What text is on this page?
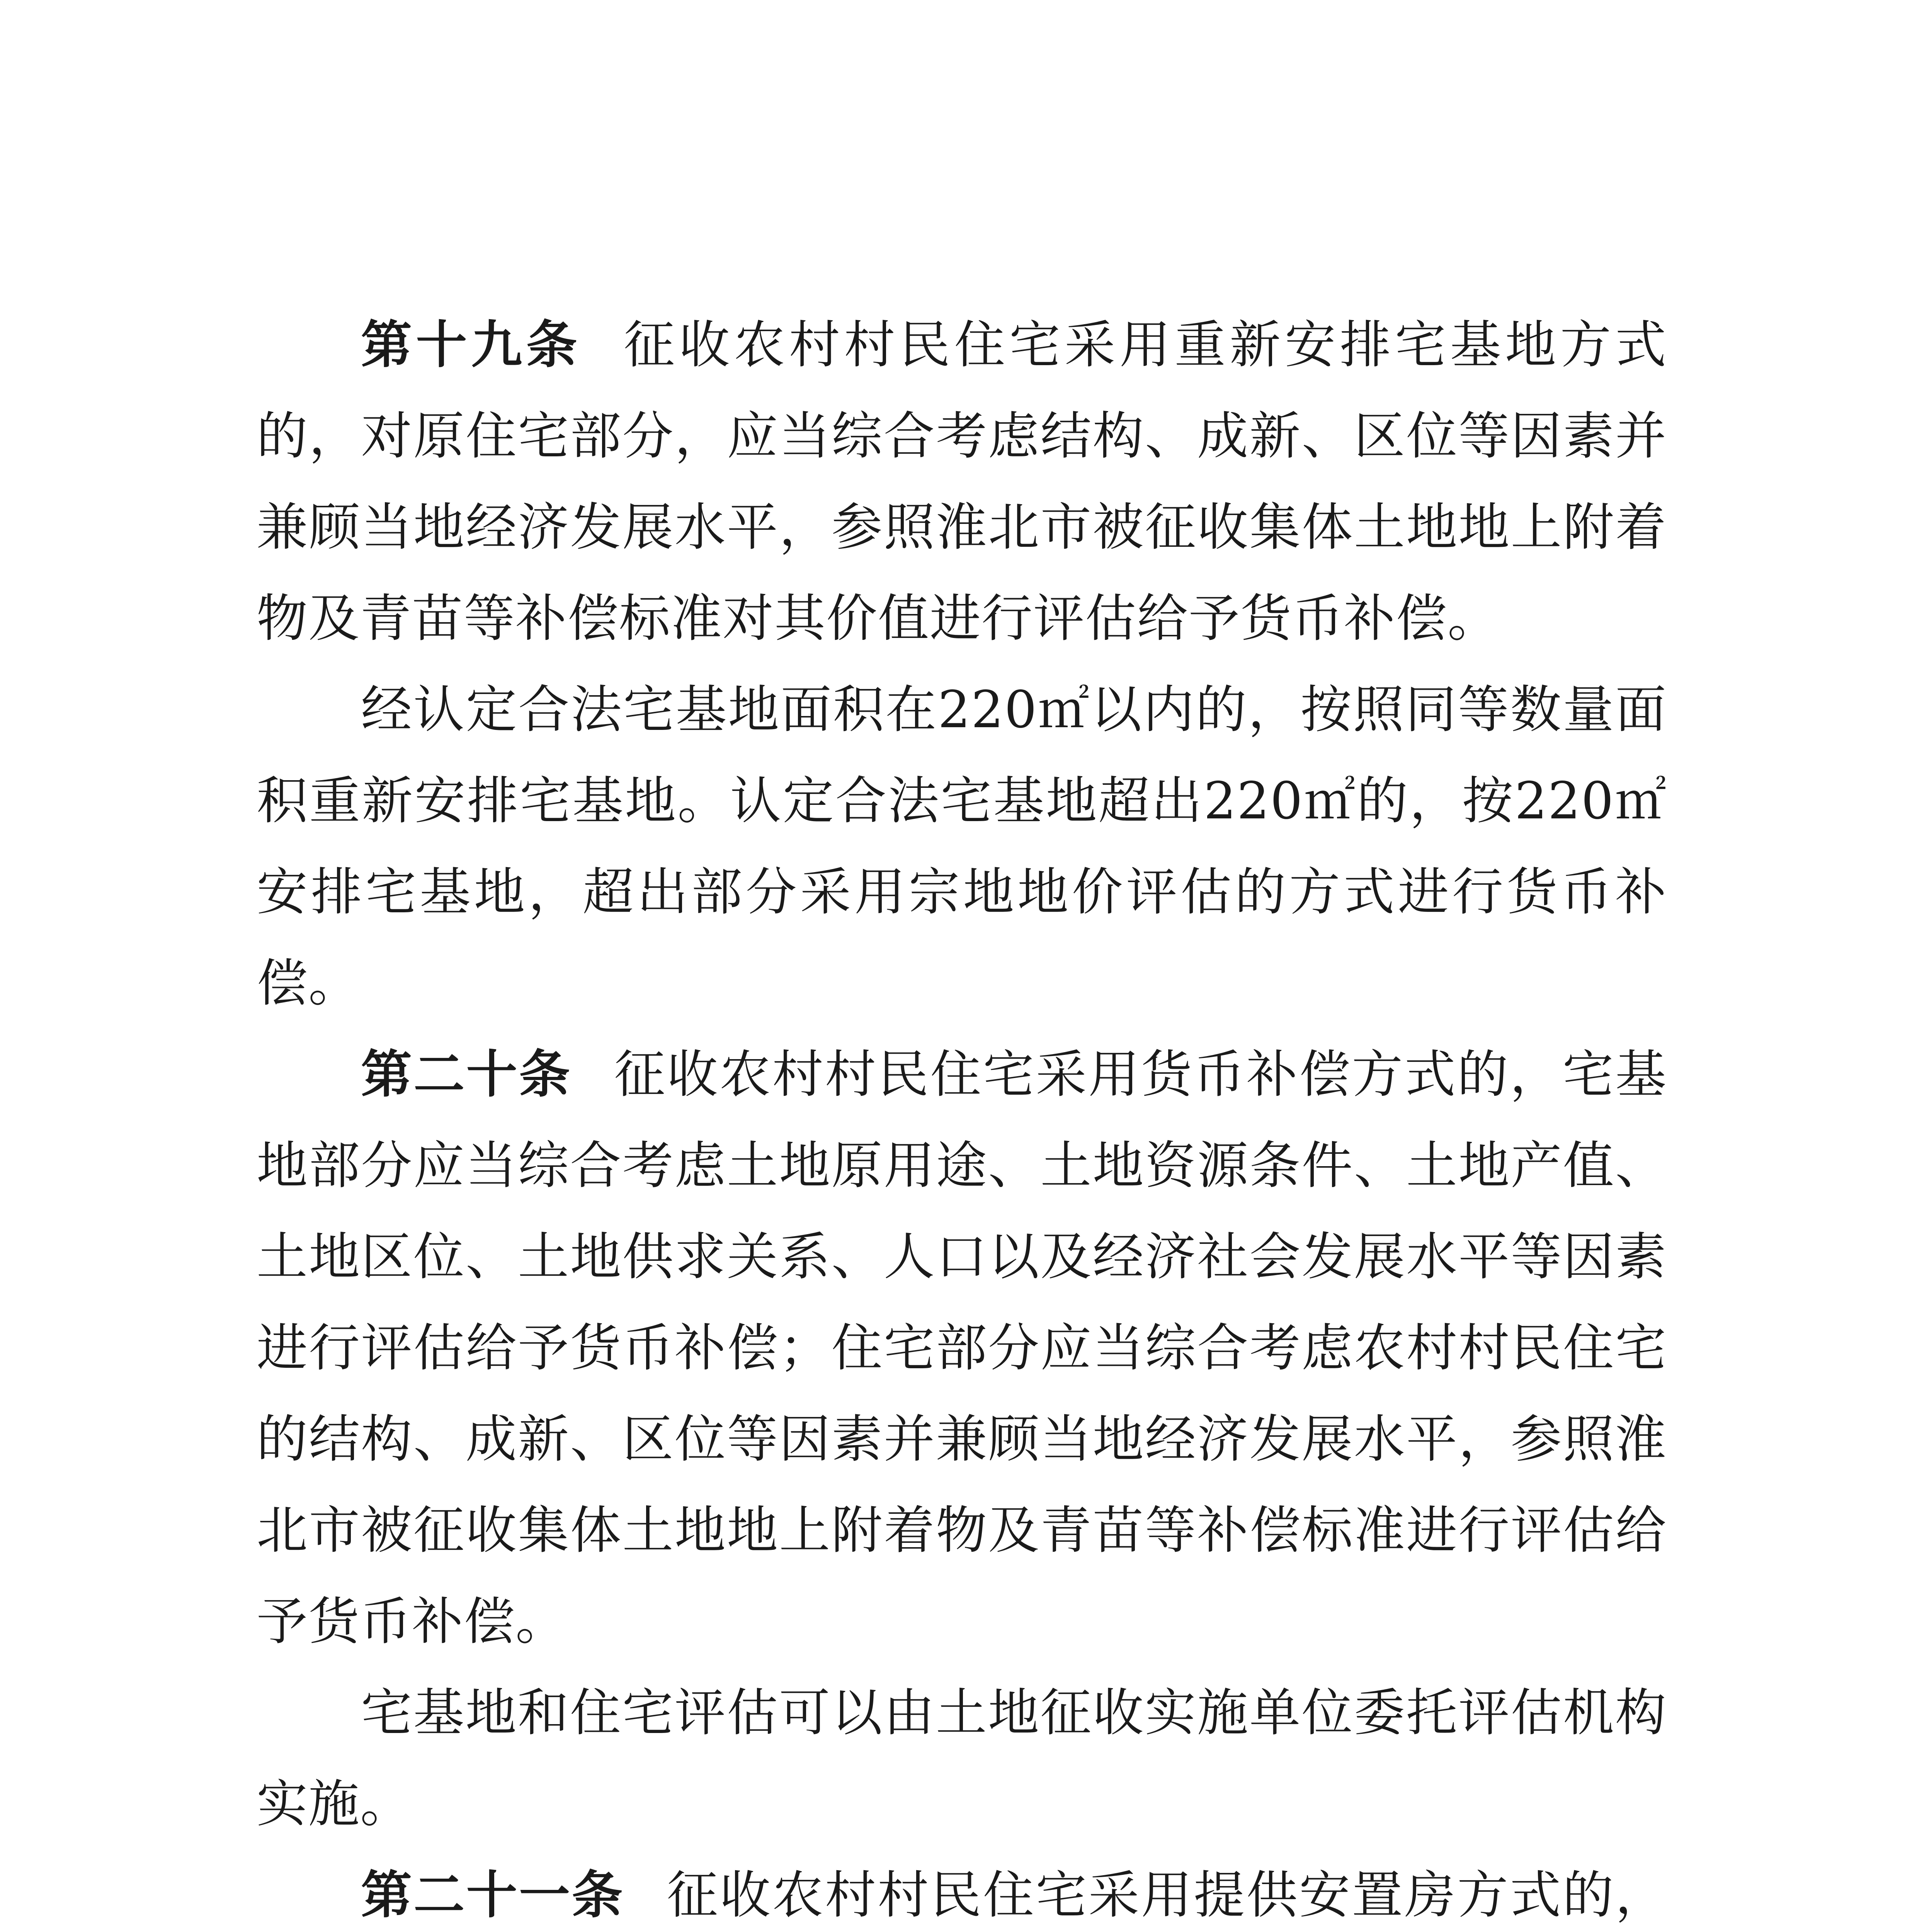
第十九条 征收农村村民住宅采用重新安排宅基地方式的，对原住宅部分，应当综合考虑结构、成新、区位等因素并兼顾当地经济发展水平，参照淮北市被征收集体土地地上附着物及青苗等补偿标准对其价值进行评估给予货币补偿。

经认定合法宅基地面积在220㎡以内的，按照同等数量面积重新安排宅基地。认定合法宅基地超出220㎡的，按220㎡安排宅基地，超出部分采用宗地地价评估的方式进行货币补偿。

第二十条 征收农村村民住宅采用货币补偿方式的，宅基地部分应当综合考虑土地原用途、土地资源条件、土地产值、土地区位、土地供求关系、人口以及经济社会发展水平等因素进行评估给予货币补偿；住宅部分应当综合考虑农村村民住宅的结构、成新、区位等因素并兼顾当地经济发展水平，参照淮北市被征收集体土地地上附着物及青苗等补偿标准进行评估给予货币补偿。

宅基地和住宅评估可以由土地征收实施单位委托评估机构实施。

第二十一条 征收农村村民住宅采用提供安置房方式的，
